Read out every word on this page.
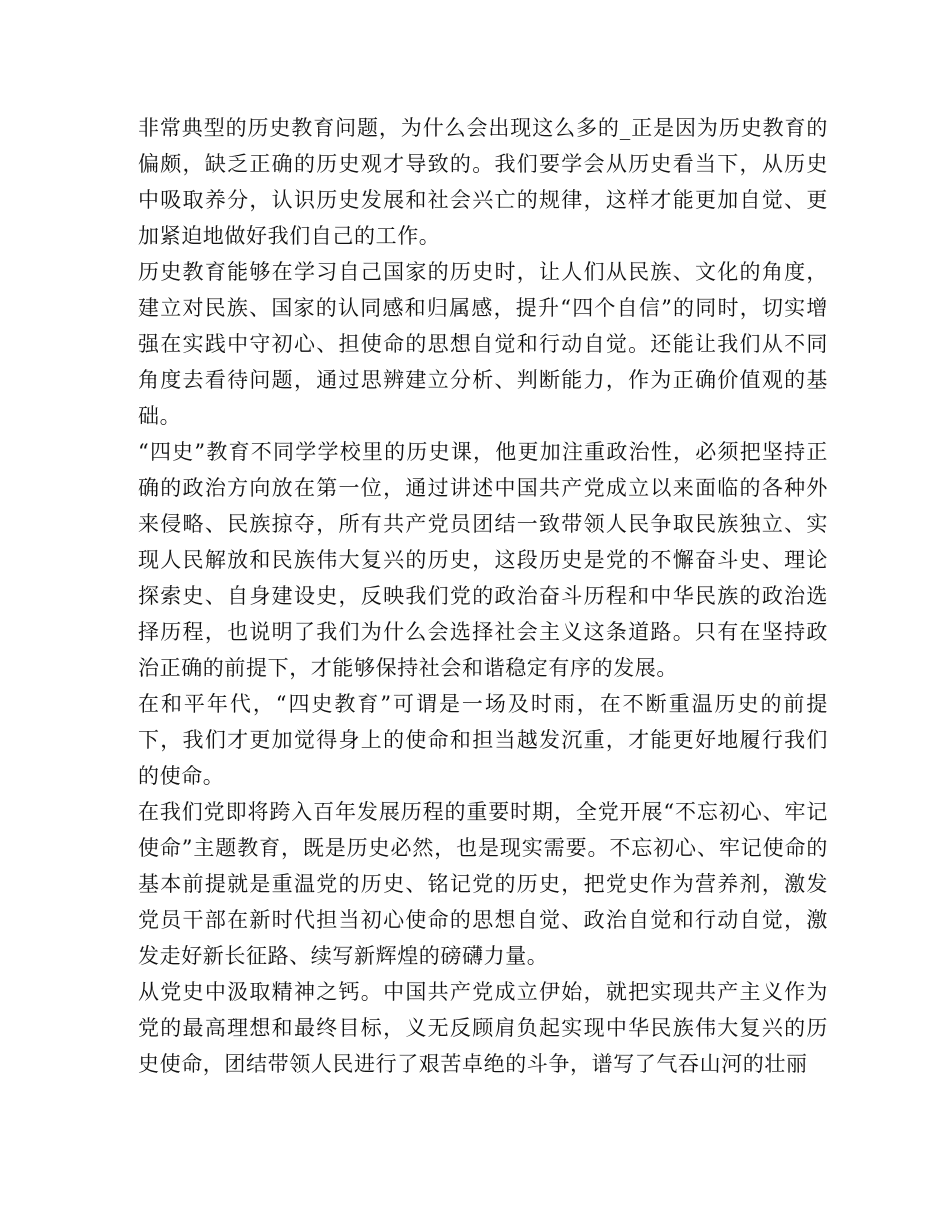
非常典型的历史教育问题，为什么会出现这么多的_正是因为历史教育的偏颇，缺乏正确的历史观才导致的。我们要学会从历史看当下，从历史中吸取养分，认识历史发展和社会兴亡的规律，这样才能更加自觉、更加紧迫地做好我们自己的工作。

历史教育能够在学习自己国家的历史时，让人们从民族、文化的角度，建立对民族、国家的认同感和归属感，提升“四个自信”的同时，切实增强在实践中守初心、担使命的思想自觉和行动自觉。还能让我们从不同角度去看待问题，通过思辨建立分析、判断能力，作为正确价值观的基础。

“四史”教育不同学学校里的历史课，他更加注重政治性，必须把坚持正确的政治方向放在第一位，通过讲述中国共产党成立以来面临的各种外来侵略、民族掠夺，所有共产党员团结一致带领人民争取民族独立、实现人民解放和民族伟大复兴的历史，这段历史是党的不懈奋斗史、理论探索史、自身建设史，反映我们党的政治奋斗历程和中华民族的政治选择历程，也说明了我们为什么会选择社会主义这条道路。只有在坚持政治正确的前提下，才能够保持社会和谐稳定有序的发展。

在和平年代，“四史教育”可谓是一场及时雨，在不断重温历史的前提下，我们才更加觉得身上的使命和担当越发沉重，才能更好地履行我们的使命。

在我们党即将跨入百年发展历程的重要时期，全党开展“不忘初心、牢记使命”主题教育，既是历史必然，也是现实需要。不忘初心、牢记使命的基本前提就是重温党的历史、铭记党的历史，把党史作为营养剂，激发党员干部在新时代担当初心使命的思想自觉、政治自觉和行动自觉，激发走好新长征路、续写新辉煌的磅礴力量。

从党史中汲取精神之钙。中国共产党成立伊始，就把实现共产主义作为党的最高理想和最终目标，义无反顾肩负起实现中华民族伟大复兴的历史使命，团结带领人民进行了艰苦卓绝的斗争，谱写了气吞山河的壮丽
